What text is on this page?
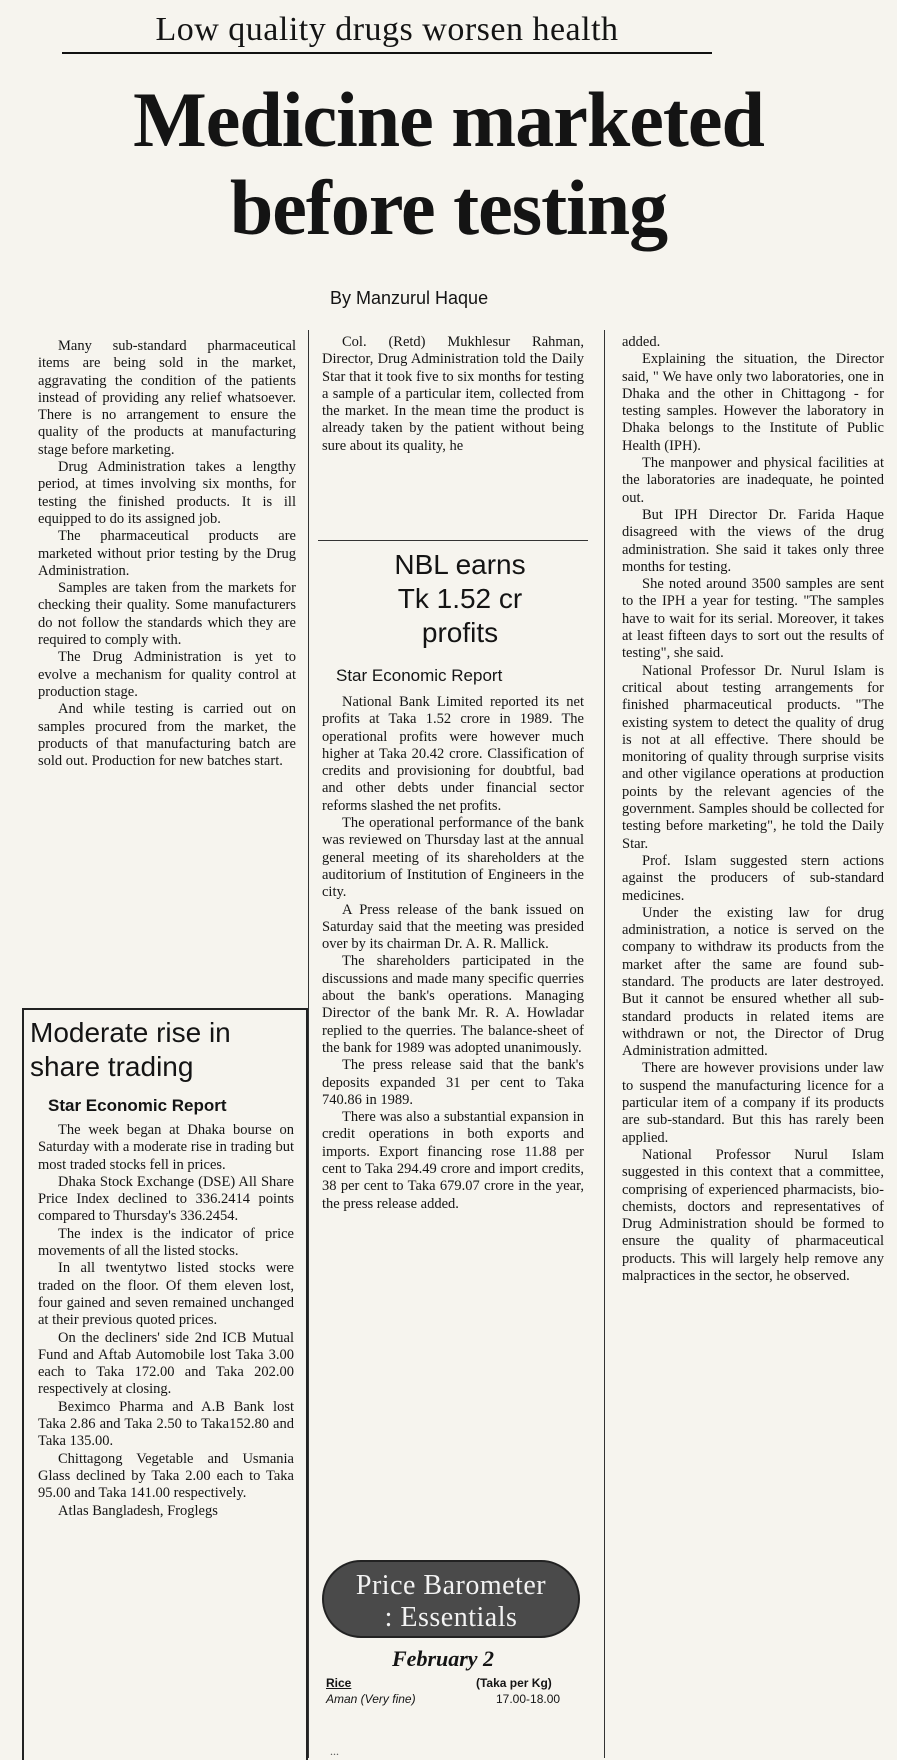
Low quality drugs worsen health
Medicine marketed
before testing
By Manzurul Haque

Many sub-standard pharmaceutical items are being sold in the market, aggravating the condition of the patients instead of providing any relief whatsoever. There is no arrangement to ensure the quality of the products at manufacturing stage before marketing.

Drug Administration takes a lengthy period, at times involving six months, for testing the finished products. It is ill equipped to do its assigned job.

The pharmaceutical products are marketed without prior testing by the Drug Administration.

Samples are taken from the markets for checking their quality. Some manufacturers do not follow the standards which they are required to comply with.

The Drug Administration is yet to evolve a mechanism for quality control at production stage.

And while testing is carried out on samples procured from the market, the products of that manufacturing batch are sold out. Production for new batches start.

Col. (Retd) Mukhlesur Rahman, Director, Drug Administration told the Daily Star that it took five to six months for testing a sample of a particular item, collected from the market. In the mean time the product is already taken by the patient without being sure about its quality, he

NBL earns
Tk 1.52 cr
profits
Star Economic Report

National Bank Limited reported its net profits at Taka 1.52 crore in 1989. The operational profits were however much higher at Taka 20.42 crore. Classification of credits and provisioning for doubtful, bad and other debts under financial sector reforms slashed the net profits.

The operational performance of the bank was reviewed on Thursday last at the annual general meeting of its shareholders at the auditorium of Institution of Engineers in the city.

A Press release of the bank issued on Saturday said that the meeting was presided over by its chairman Dr. A. R. Mallick.

The shareholders participated in the discussions and made many specific querries about the bank's operations. Managing Director of the bank Mr. R. A. Howladar replied to the querries. The balance-sheet of the bank for 1989 was adopted unanimously.

The press release said that the bank's deposits expanded 31 per cent to Taka 740.86 in 1989.

There was also a substantial expansion in credit operations in both exports and imports. Export financing rose 11.88 per cent to Taka 294.49 crore and import credits, 38 per cent to Taka 679.07 crore in the year, the press release added.

added.

Explaining the situation, the Director said, " We have only two laboratories, one in Dhaka and the other in Chittagong - for testing samples. However the laboratory in Dhaka belongs to the Institute of Public Health (IPH).

The manpower and physical facilities at the laboratories are inadequate, he pointed out.

But IPH Director Dr. Farida Haque disagreed with the views of the drug administration. She said it takes only three months for testing.

She noted around 3500 samples are sent to the IPH a year for testing. "The samples have to wait for its serial. Moreover, it takes at least fifteen days to sort out the results of testing", she said.

National Professor Dr. Nurul Islam is critical about testing arrangements for finished pharmaceutical products. "The existing system to detect the quality of drug is not at all effective. There should be monitoring of quality through surprise visits and other vigilance operations at production points by the relevant agencies of the government. Samples should be collected for testing before marketing", he told the Daily Star.

Prof. Islam suggested stern actions against the producers of sub-standard medicines.

Under the existing law for drug administration, a notice is served on the company to withdraw its products from the market after the same are found sub-standard. The products are later destroyed. But it cannot be ensured whether all sub-standard products in related items are withdrawn or not, the Director of Drug Administration admitted.

There are however provisions under law to suspend the manufacturing licence for a particular item of a company if its products are sub-standard. But this has rarely been applied.

National Professor Nurul Islam suggested in this context that a committee, comprising of experienced pharmacists, bio-chemists, doctors and representatives of Drug Administration should be formed to ensure the quality of pharmaceutical products. This will largely help remove any malpractices in the sector, he observed.

Moderate rise in
share trading
Star Economic Report

The week began at Dhaka bourse on Saturday with a moderate rise in trading but most traded stocks fell in prices.

Dhaka Stock Exchange (DSE) All Share Price Index declined to 336.2414 points compared to Thursday's 336.2454.

The index is the indicator of price movements of all the listed stocks.

In all twentytwo listed stocks were traded on the floor. Of them eleven lost, four gained and seven remained unchanged at their previous quoted prices.

On the decliners' side 2nd ICB Mutual Fund and Aftab Automobile lost Taka 3.00 each to Taka 172.00 and Taka 202.00 respectively at closing.

Beximco Pharma and A.B Bank lost Taka 2.86 and Taka 2.50 to Taka152.80 and Taka 135.00.

Chittagong Vegetable and Usmania Glass declined by Taka 2.00 each to Taka 95.00 and Taka 141.00 respectively.

Atlas Bangladesh, Froglegs

Price Barometer
: Essentials
February 2
Rice	(Taka per Kg)
Aman (Very fine)	17.00-18.00
...
